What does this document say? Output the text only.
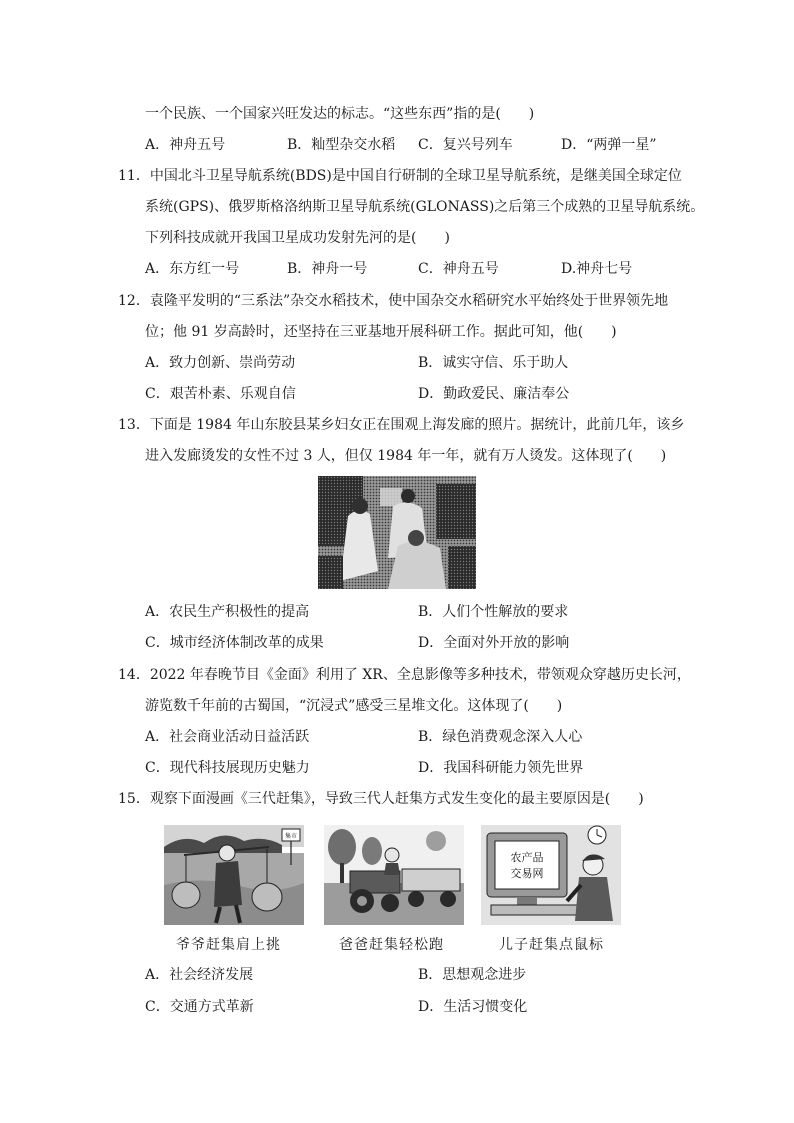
一个民族、一个国家兴旺发达的标志。“这些东西”指的是(　　)
A．神舟五号	B．籼型杂交水稻 C．复兴号列车	D．“两弹一星”
11．中国北斗卫星导航系统(BDS)是中国自行研制的全球卫星导航系统，是继美国全球定位
系统(GPS)、俄罗斯格洛纳斯卫星导航系统(GLONASS)之后第三个成熟的卫星导航系统。
下列科技成就开我国卫星成功发射先河的是(　　)
A．东方红一号	B．神舟一号	C．神舟五号	D.神舟七号
12．袁隆平发明的“三系法”杂交水稻技术，使中国杂交水稻研究水平始终处于世界领先地
位；他 91 岁高龄时，还坚持在三亚基地开展科研工作。据此可知，他(　　)
A．致力创新、崇尚劳动	B．诚实守信、乐于助人
C．艰苦朴素、乐观自信	D．勤政爱民、廉洁奉公
13．下面是 1984 年山东胶县某乡妇女正在围观上海发廊的照片。据统计，此前几年，该乡
进入发廊烫发的女性不过 3 人，但仅 1984 年一年，就有万人烫发。这体现了(　　)
A．农民生产积极性的提高	B．人们个性解放的要求
C．城市经济体制改革的成果	D．全面对外开放的影响
14．2022 年春晚节目《金面》利用了 XR、全息影像等多种技术，带领观众穿越历史长河，
游览数千年前的古蜀国，“沉浸式”感受三星堆文化。这体现了(　　)
A．社会商业活动日益活跃	B．绿色消费观念深入人心
C．现代科技展现历史魅力	D．我国科研能力领先世界
15．观察下面漫画《三代赶集》，导致三代人赶集方式发生变化的最主要原因是(　　)
集市
农产品
交易网
爷爷赶集肩上挑	爸爸赶集轻松跑	儿子赶集点鼠标
A．社会经济发展	B．思想观念进步
C．交通方式革新	D．生活习惯变化
